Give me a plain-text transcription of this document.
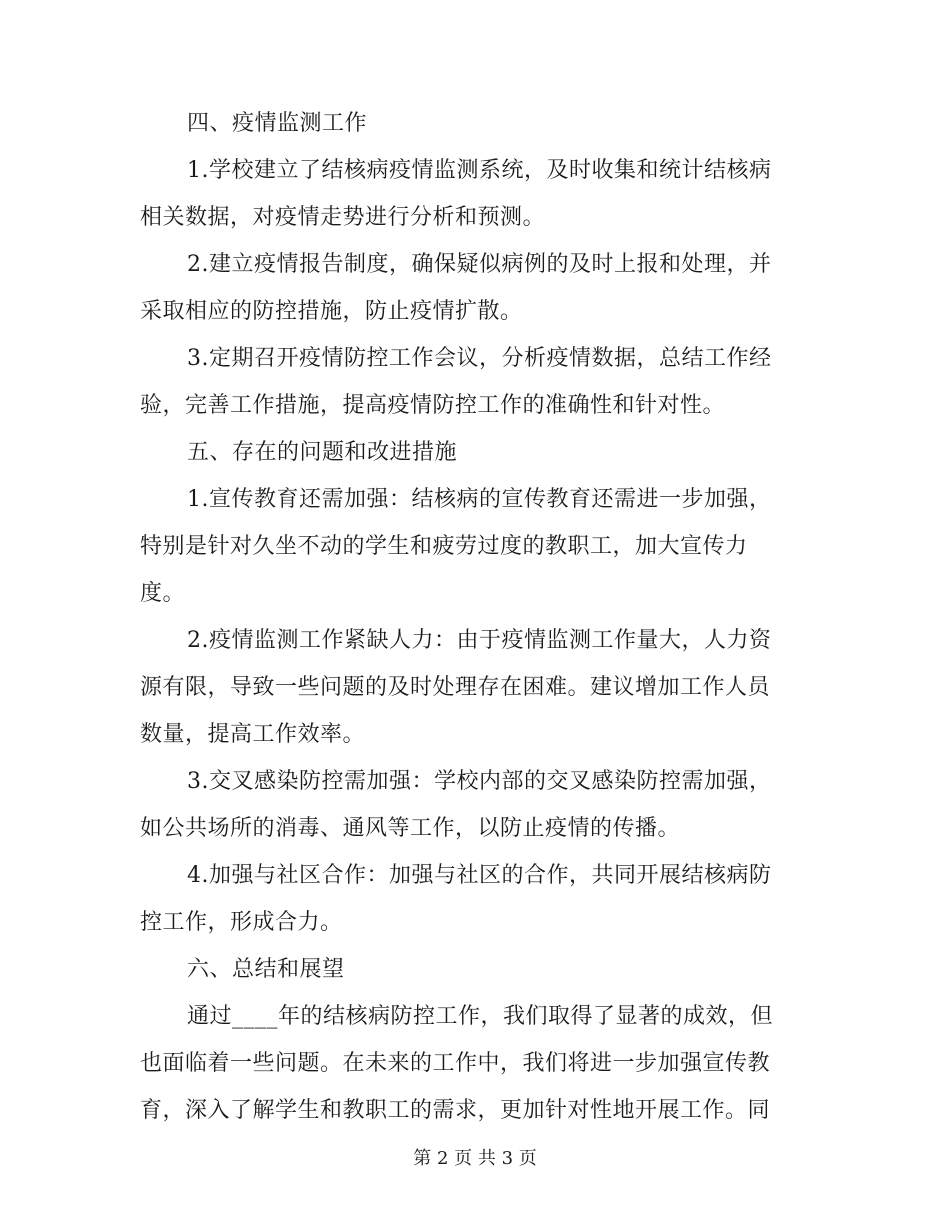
四、疫情监测工作
1.学校建立了结核病疫情监测系统，及时收集和统计结核病
相关数据，对疫情走势进行分析和预测。
2.建立疫情报告制度，确保疑似病例的及时上报和处理，并
采取相应的防控措施，防止疫情扩散。
3.定期召开疫情防控工作会议，分析疫情数据，总结工作经
验，完善工作措施，提高疫情防控工作的准确性和针对性。
五、存在的问题和改进措施
1.宣传教育还需加强：结核病的宣传教育还需进一步加强，
特别是针对久坐不动的学生和疲劳过度的教职工，加大宣传力
度。
2.疫情监测工作紧缺人力：由于疫情监测工作量大，人力资
源有限，导致一些问题的及时处理存在困难。建议增加工作人员
数量，提高工作效率。
3.交叉感染防控需加强：学校内部的交叉感染防控需加强，
如公共场所的消毒、通风等工作，以防止疫情的传播。
4.加强与社区合作：加强与社区的合作，共同开展结核病防
控工作，形成合力。
六、总结和展望
通过____年的结核病防控工作，我们取得了显著的成效，但
也面临着一些问题。在未来的工作中，我们将进一步加强宣传教
育，深入了解学生和教职工的需求，更加针对性地开展工作。同
第 2 页 共 3 页
